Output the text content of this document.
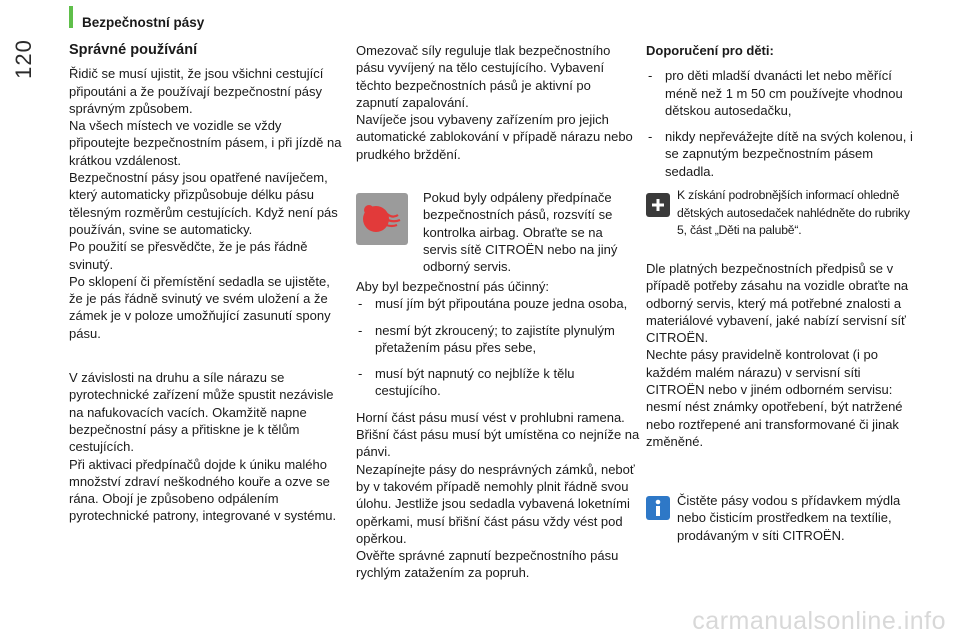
Bezpečnostní pásy
120 Správné používání

Řidič se musí ujistit, že jsou všichni cestující připoutáni a že používají bezpečnostní pásy správným způsobem.

Na všech místech ve vozidle se vždy připoutejte bezpečnostním pásem, i při jízdě na krátkou vzdálenost.

Bezpečnostní pásy jsou opatřené navíječem, který automaticky přizpůsobuje délku pásu tělesným rozměrům cestujících. Když není pás používán, svine se automaticky.

Po použití se přesvědčte, že je pás řádně svinutý.

Po sklopení či přemístění sedadla se ujistěte, že je pás řádně svinutý ve svém uložení a že zámek je v poloze umožňující zasunutí spony pásu.

V závislosti na druhu a síle nárazu se pyrotechnické zařízení může spustit nezávisle na nafukovacích vacích. Okamžitě napne bezpečnostní pásy a přitiskne je k tělům cestujících.

Při aktivaci předpínačů dojde k úniku malého množství zdraví neškodného kouře a ozve se rána. Obojí je způsobeno odpálením pyrotechnické patrony, integrované v systému.

Omezovač síly reguluje tlak bezpečnostního pásu vyvíjený na tělo cestujícího. Vybavení těchto bezpečnostních pásů je aktivní po zapnutí zapalování.

Navíječe jsou vybaveny zařízením pro jejich automatické zablokování v případě nárazu nebo prudkého brždění.

Pokud byly odpáleny předpínače bezpečnostních pásů, rozsvítí se kontrolka airbag. Obraťte se na servis sítě CITROËN nebo na jiný odborný servis.

Aby byl bezpečnostní pás účinný:

- musí jím být připoutána pouze jedna osoba,
- nesmí být zkroucený; to zajistíte plynulým přetažením pásu přes sebe,
- musí být napnutý co nejblíže k tělu cestujícího.

Horní část pásu musí vést v prohlubni ramena.

Břišní část pásu musí být umístěna co nejníže na pánvi.

Nezapínejte pásy do nesprávných zámků, neboť by v takovém případě nemohly plnit řádně svou úlohu. Jestliže jsou sedadla vybavená loketními opěrkami, musí břišní část pásu vždy vést pod opěrkou.

Ověřte správné zapnutí bezpečnostního pásu rychlým zatažením za popruh.

Doporučení pro děti:

- pro děti mladší dvanácti let nebo měřící méně než 1 m 50 cm používejte vhodnou dětskou autosedačku,
- nikdy nepřevážejte dítě na svých kolenou, i se zapnutým bezpečnostním pásem sedadla.

K získání podrobnějších informací ohledně dětských autosedaček nahlédněte do rubriky 5, část „Děti na palubě“.

Dle platných bezpečnostních předpisů se v případě potřeby zásahu na vozidle obraťte na odborný servis, který má potřebné znalosti a materiálové vybavení, jaké nabízí servisní síť CITROËN.

Nechte pásy pravidelně kontrolovat (i po každém malém nárazu) v servisní síti CITROËN nebo v jiném odborném servisu: nesmí nést známky opotřebení, být natržené nebo roztřepené ani transformované či jinak změněné.

Čistěte pásy vodou s přídavkem mýdla nebo čisticím prostředkem na textílie, prodávaným v síti CITROËN.

carmanualsonline.info
